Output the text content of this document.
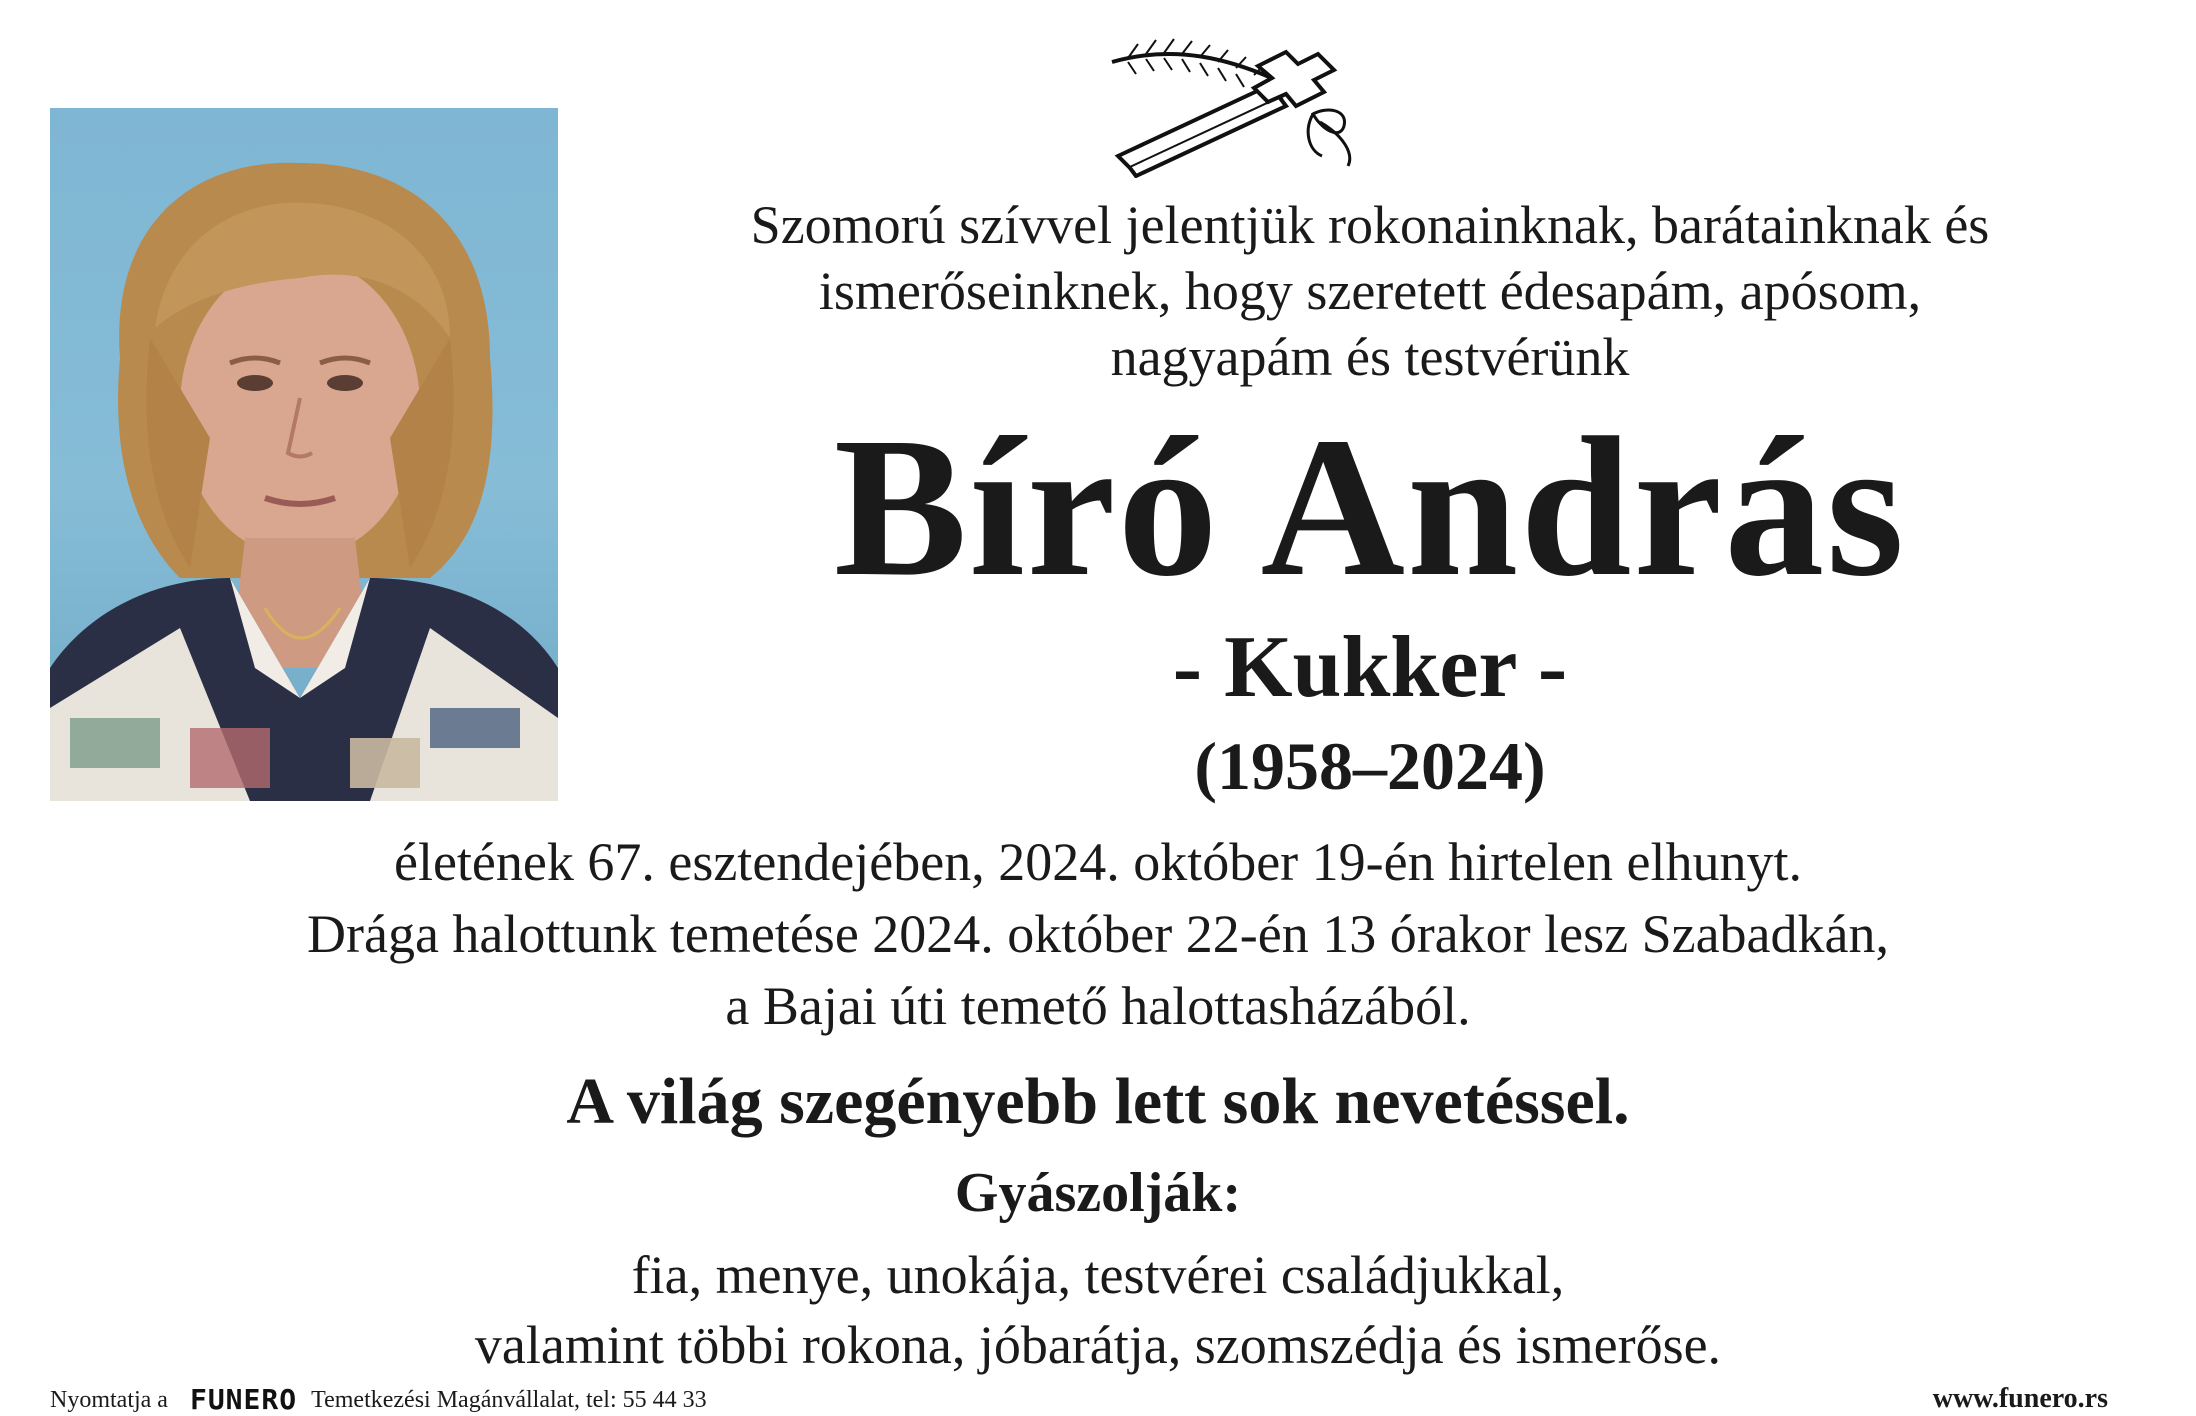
Szomorú szívvel jelentjük rokonainknak, barátainknak és
ismerőseinknek, hogy szeretett édesapám, apósom,
nagyapám és testvérünk
Bíró András
- Kukker -
(1958–2024)
életének 67. esztendejében, 2024. október 19-én hirtelen elhunyt.
Drága halottunk temetése 2024. október 22-én 13 órakor lesz Szabadkán,
a Bajai úti temető halottasházából.
A világ szegényebb lett sok nevetéssel.
Gyászolják:
fia, menye, unokája, testvérei családjukkal,
valamint többi rokona, jóbarátja, szomszédja és ismerőse.
Nyomtatja a FUNERO Temetkezési Magánvállalat, tel: 55 44 33	www.funero.rs
